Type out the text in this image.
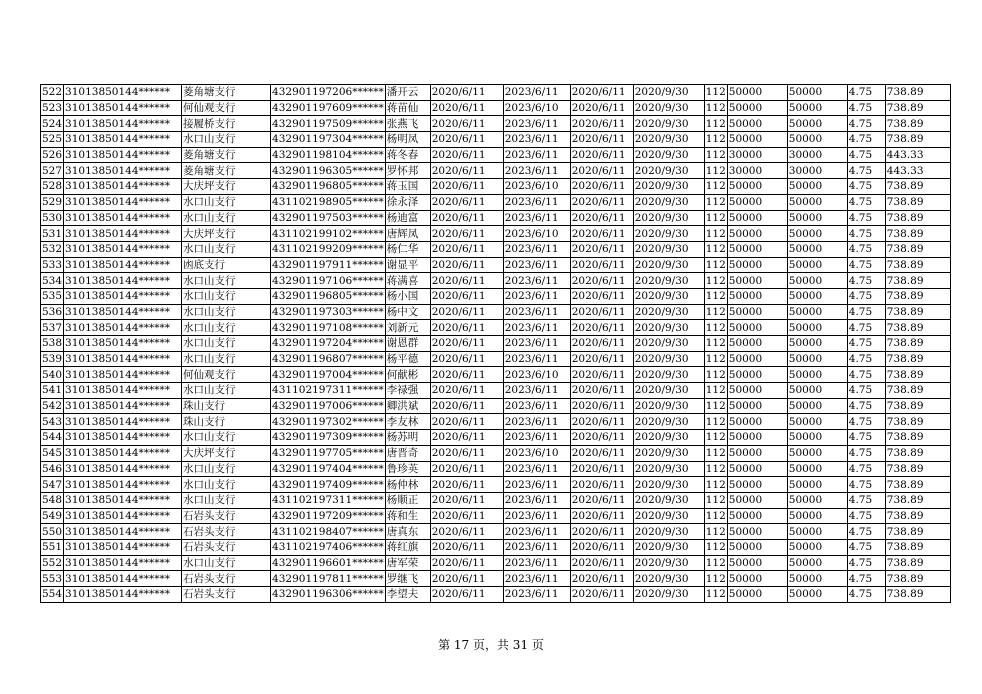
522	31013850144******	菱角塘支行	432901197206******	潘开云	2020/6/11	2023/6/11	2020/6/11	2020/9/30	112	50000	50000	4.75	738.89
523	31013850144******	何仙观支行	432901197609******	蒋苗仙	2020/6/11	2023/6/10	2020/6/11	2020/9/30	112	50000	50000	4.75	738.89
524	31013850144******	接履桥支行	432901197509******	张燕飞	2020/6/11	2023/6/11	2020/6/11	2020/9/30	112	50000	50000	4.75	738.89
525	31013850144******	水口山支行	432901197304******	杨明凤	2020/6/11	2023/6/11	2020/6/11	2020/9/30	112	50000	50000	4.75	738.89
526	31013850144******	菱角塘支行	432901198104******	蒋冬春	2020/6/11	2023/6/11	2020/6/11	2020/9/30	112	30000	30000	4.75	443.33
527	31013850144******	菱角塘支行	432901196305******	罗怀邦	2020/6/11	2023/6/11	2020/6/11	2020/9/30	112	30000	30000	4.75	443.33
528	31013850144******	大庆坪支行	432901196805******	蒋玉国	2020/6/11	2023/6/10	2020/6/11	2020/9/30	112	50000	50000	4.75	738.89
529	31013850144******	水口山支行	431102198905******	徐永泽	2020/6/11	2023/6/11	2020/6/11	2020/9/30	112	50000	50000	4.75	738.89
530	31013850144******	水口山支行	432901197503******	杨迪富	2020/6/11	2023/6/11	2020/6/11	2020/9/30	112	50000	50000	4.75	738.89
531	31013850144******	大庆坪支行	431102199102******	唐辉凤	2020/6/11	2023/6/10	2020/6/11	2020/9/30	112	50000	50000	4.75	738.89
532	31013850144******	水口山支行	431102199209******	杨仁华	2020/6/11	2023/6/11	2020/6/11	2020/9/30	112	50000	50000	4.75	738.89
533	31013850144******	凼底支行	432901197911******	谢显平	2020/6/11	2023/6/11	2020/6/11	2020/9/30	112	50000	50000	4.75	738.89
534	31013850144******	水口山支行	432901197106******	蒋满喜	2020/6/11	2023/6/11	2020/6/11	2020/9/30	112	50000	50000	4.75	738.89
535	31013850144******	水口山支行	432901196805******	杨小国	2020/6/11	2023/6/11	2020/6/11	2020/9/30	112	50000	50000	4.75	738.89
536	31013850144******	水口山支行	432901197303******	杨中文	2020/6/11	2023/6/11	2020/6/11	2020/9/30	112	50000	50000	4.75	738.89
537	31013850144******	水口山支行	432901197108******	刘新元	2020/6/11	2023/6/11	2020/6/11	2020/9/30	112	50000	50000	4.75	738.89
538	31013850144******	水口山支行	432901197204******	谢恩群	2020/6/11	2023/6/11	2020/6/11	2020/9/30	112	50000	50000	4.75	738.89
539	31013850144******	水口山支行	432901196807******	杨平德	2020/6/11	2023/6/11	2020/6/11	2020/9/30	112	50000	50000	4.75	738.89
540	31013850144******	何仙观支行	432901197004******	何献彬	2020/6/11	2023/6/10	2020/6/11	2020/9/30	112	50000	50000	4.75	738.89
541	31013850144******	水口山支行	431102197311******	李禄强	2020/6/11	2023/6/11	2020/6/11	2020/9/30	112	50000	50000	4.75	738.89
542	31013850144******	珠山支行	432901197006******	卿洪斌	2020/6/11	2023/6/11	2020/6/11	2020/9/30	112	50000	50000	4.75	738.89
543	31013850144******	珠山支行	432901197302******	李友林	2020/6/11	2023/6/11	2020/6/11	2020/9/30	112	50000	50000	4.75	738.89
544	31013850144******	水口山支行	432901197309******	杨苏明	2020/6/11	2023/6/11	2020/6/11	2020/9/30	112	50000	50000	4.75	738.89
545	31013850144******	大庆坪支行	432901197705******	唐晋奇	2020/6/11	2023/6/10	2020/6/11	2020/9/30	112	50000	50000	4.75	738.89
546	31013850144******	水口山支行	432901197404******	鲁珍英	2020/6/11	2023/6/11	2020/6/11	2020/9/30	112	50000	50000	4.75	738.89
547	31013850144******	水口山支行	432901197409******	杨仲林	2020/6/11	2023/6/11	2020/6/11	2020/9/30	112	50000	50000	4.75	738.89
548	31013850144******	水口山支行	431102197311******	杨顺正	2020/6/11	2023/6/11	2020/6/11	2020/9/30	112	50000	50000	4.75	738.89
549	31013850144******	石岩头支行	432901197209******	蒋和生	2020/6/11	2023/6/11	2020/6/11	2020/9/30	112	50000	50000	4.75	738.89
550	31013850144******	石岩头支行	431102198407******	唐真东	2020/6/11	2023/6/11	2020/6/11	2020/9/30	112	50000	50000	4.75	738.89
551	31013850144******	石岩头支行	431102197406******	蒋红旗	2020/6/11	2023/6/11	2020/6/11	2020/9/30	112	50000	50000	4.75	738.89
552	31013850144******	水口山支行	432901196601******	唐军荣	2020/6/11	2023/6/11	2020/6/11	2020/9/30	112	50000	50000	4.75	738.89
553	31013850144******	石岩头支行	432901197811******	罗继飞	2020/6/11	2023/6/11	2020/6/11	2020/9/30	112	50000	50000	4.75	738.89
554	31013850144******	石岩头支行	432901196306******	李望夫	2020/6/11	2023/6/11	2020/6/11	2020/9/30	112	50000	50000	4.75	738.89
第 17 页，共 31 页
